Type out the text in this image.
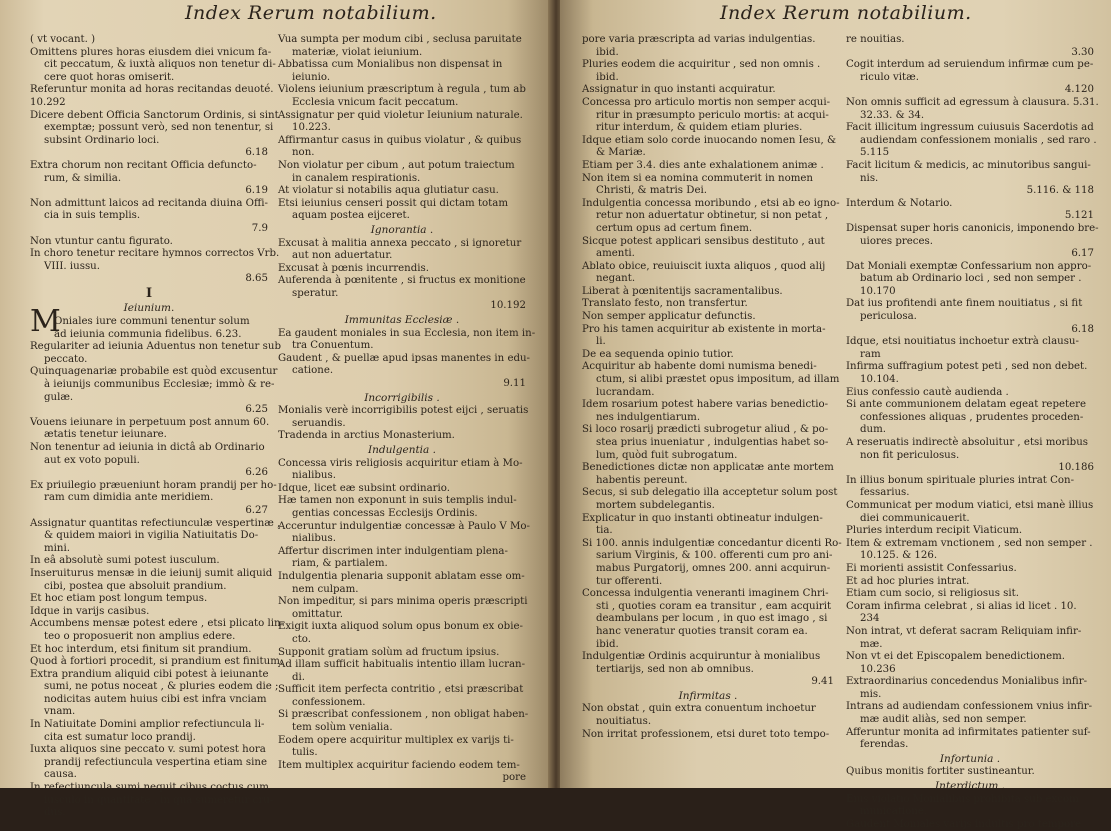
Index Rerum notabilium.
M
( vt vocant. )
Omittens plures horas eiusdem diei vnicum fa-
cit peccatum, & iuxtà aliquos non tenetur di-
cere quot horas omiserit.
Referuntur monita ad horas recitandas deuoté.
10.292
Dicere debent Officia Sanctorum Ordinis, si sint
exemptæ; possunt verò, sed non tenentur, si
subsint Ordinario loci.
6.18
Extra chorum non recitant Officia defuncto-
rum, & similia.
6.19
Non admittunt laicos ad recitanda diuina Offi-
cia in suis templis.
7.9
Non vtuntur cantu figurato.
In choro tenetur recitare hymnos correctos Vrb.
VIII. iussu.
8.65
I
Ieiunium.
Oniales iure communi tenentur solum
ad ieiunia communia fidelibus. 6.23.
Regulariter ad ieiunia Aduentus non tenetur sub
peccato.
Quinquagenariæ probabile est quòd excusentur
à ieiunijs communibus Ecclesiæ; immò & re-
gulæ.
6.25
Vouens ieiunare in perpetuum post annum 60.
ætatis tenetur ieiunare.
Non tenentur ad ieiunia in dictâ ab Ordinario
aut ex voto populi.
6.26
Ex priuilegio præueniunt horam prandij per ho-
ram cum dimidia ante meridiem.
6.27
Assignatur quantitas refectiunculæ vespertinæ ,
& quidem maiori in vigilia Natiuitatis Do-
mini.
In eâ absolutè sumi potest iusculum.
Inseruiturus mensæ in die ieiunij sumit aliquid
cibi, postea que absoluit prandium.
Et hoc etiam post longum tempus.
Idque in varijs casibus.
Accumbens mensæ potest edere , etsi plicato lin-
teo o proposuerit non amplius edere.
Et hoc interdum, etsi finitum sit prandium.
Quod à fortiori procedit, si prandium est finitum.
Extra prandium aliquid cibi potest à ieiunante
sumi, ne potus noceat , & pluries eodem die ;
nodicitas autem huius cibi est infra vnciam
vnam.
In Natiuitate Domini amplior refectiuncula li-
cita est sumatur loco prandij.
Iuxta aliquos sine peccato v. sumi potest hora
prandij refectiuncula vespertina etiam sine
causa.
In refectiuncula sumi nequit cibus coctus cum
iusculo in quantitate , in qua sumeretur cru-
dus.
Vua sumpta per modum cibi , seclusa paruitate
materiæ, violat ieiunium.
Abbatissa cum Monialibus non dispensat in
ieiunio.
Violens ieiunium præscriptum à regula , tum ab
Ecclesia vnicum facit peccatum.
Assignatur per quid violetur Ieiunium naturale.
10.223.
Affirmantur casus in quibus violatur , & quibus
non.
Non violatur per cibum , aut potum traiectum
in canalem respirationis.
At violatur si notabilis aqua glutiatur casu.
Etsi ieiunius censeri possit qui dictam totam
aquam postea eijceret.
Ignorantia .
Excusat à malitia annexa peccato , si ignoretur
aut non aduertatur.
Excusat à pœnis incurrendis.
Auferenda à pœnitente , si fructus ex monitione
speratur.
10.192
Immunitas Ecclesiæ .
Ea gaudent moniales in sua Ecclesia, non item in-
tra Conuentum.
Gaudent , & puellæ apud ipsas manentes in edu-
catione.
9.11
Incorrigibilis .
Monialis verè incorrigibilis potest eijci , seruatis
seruandis.
Tradenda in arctius Monasterium.
Indulgentia .
Concessa viris religiosis acquiritur etiam à Mo-
nialibus.
Idque, licet eæ subsint ordinario.
Hæ tamen non exponunt in suis templis indul-
gentias concessas Ecclesijs Ordinis.
Acceruntur indulgentiæ concessæ à Paulo V Mo-
nialibus.
Affertur discrimen inter indulgentiam plena-
riam, & partialem.
Indulgentia plenaria supponit ablatam esse om-
nem culpam.
Non impeditur, si pars minima operis præscripti
omittatur.
Exigit iuxta aliquod solum opus bonum ex obie-
cto.
Supponit gratiam solùm ad fructum ipsius.
Ad illam sufficit habitualis intentio illam lucran-
di.
Sufficit item perfecta contritio , etsi præscribat
confessionem.
Si præscribat confessionem , non obligat haben-
tem solùm venialia.
Eodem opere acquiritur multiplex ex varijs ti-
tulis.
Item multiplex acquiritur faciendo eodem tem-
pore
Index Rerum notabilium.
pore varia præscripta ad varias indulgentias.
ibid.
Pluries eodem die acquiritur , sed non omnis .
ibid.
Assignatur in quo instanti acquiratur.
Concessa pro articulo mortis non semper acqui-
ritur in præsumpto periculo mortis: at acqui-
ritur interdum, & quidem etiam pluries.
Idque etiam solo corde inuocando nomen Iesu, &
& Mariæ.
Etiam per 3.4. dies ante exhalationem animæ .
Non item si ea nomina commuterit in nomen
Christi, & matris Dei.
Indulgentia concessa moribundo , etsi ab eo igno-
retur non aduertatur obtinetur, si non petat ,
certum opus ad certum finem.
Sicque potest applicari sensibus destituto , aut
amenti.
Ablato obice, reuiuiscit iuxta aliquos , quod alij
negant.
Liberat à pœnitentijs sacramentalibus.
Translato festo, non transfertur.
Non semper applicatur defunctis.
Pro his tamen acquiritur ab existente in morta-
li.
De ea sequenda opinio tutior.
Acquiritur ab habente domi numisma benedi-
ctum, si alibi præstet opus impositum, ad illam
lucrandam.
Idem rosarium potest habere varias benedictio-
nes indulgentiarum.
Si loco rosarij prædicti subrogetur aliud , & po-
stea prius inueniatur , indulgentias habet so-
lum, quòd fuit subrogatum.
Benedictiones dictæ non applicatæ ante mortem
habentis pereunt.
Secus, si sub delegatio illa acceptetur solum post
mortem subdelegantis.
Explicatur in quo instanti obtineatur indulgen-
tia.
Si 100. annis indulgentiæ concedantur dicenti Ro-
sarium Virginis, & 100. offerenti cum pro ani-
mabus Purgatorij, omnes 200. anni acquirun-
tur offerenti.
Concessa indulgentia veneranti imaginem Chri-
sti , quoties coram ea transitur , eam acquirit
deambulans per locum , in quo est imago , si
hanc veneratur quoties transit coram ea.
ibid.
Indulgentiæ Ordinis acquiruntur à monialibus
tertiarijs, sed non ab omnibus.
9.41
Infirmitas .
Non obstat , quin extra conuentum inchoetur
nouitiatus.
Non irritat professionem, etsi duret toto tempo-
re nouitias.
3.30
Cogit interdum ad seruiendum infirmæ cum pe-
riculo vitæ.
4.120
Non omnis sufficit ad egressum à clausura. 5.31.
32.33. & 34.
Facit illicitum ingressum cuiusuis Sacerdotis ad
audiendam confessionem monialis , sed raro .
5.115
Facit licitum & medicis, ac minutoribus sangui-
nis.
5.116. & 118
Interdum & Notario.
5.121
Dispensat super horis canonicis, imponendo bre-
uiores preces.
6.17
Dat Moniali exemptæ Confessarium non appro-
batum ab Ordinario loci , sed non semper .
10.170
Dat ius profitendi ante finem nouitiatus , si fit
periculosa.
6.18
Idque, etsi nouitiatus inchoetur extrà clausu-
ram
Infirma suffragium potest peti , sed non debet.
10.104.
Eius confessio cautè audienda .
Si ante communionem delatam egeat repetere
confessiones aliquas , prudentes proceden-
dum.
A reseruatis indirectè absoluitur , etsi moribus
non fit periculosus.
10.186
In illius bonum spirituale pluries intrat Con-
fessarius.
Communicat per modum viatici, etsi manè illius
diei communicauerit.
Pluries interdum recipit Viaticum.
Item & extremam vnctionem , sed non semper .
10.125. & 126.
Ei morienti assistit Confessarius.
Et ad hoc pluries intrat.
Etiam cum socio, si religiosus sit.
Coram infirma celebrat , si alias id licet . 10.
234
Non intrat, vt deferat sacram Reliquiam infir-
mæ.
Non vt ei det Episcopalem benedictionem.
10.236
Extraordinarius concedendus Monialibus infir-
mis.
Intrans ad audiendam confessionem vnius infir-
mæ audit aliàs, sed non semper.
Afferuntur monita ad infirmitates patienter suf-
ferendas.
Infortunia .
Quibus monitis fortiter sustineantur.
Interdictum .
Eius violatio Monialibus prohibita sub excom
municatione.
Gaudent Moniales varijs indultis pro tempore
